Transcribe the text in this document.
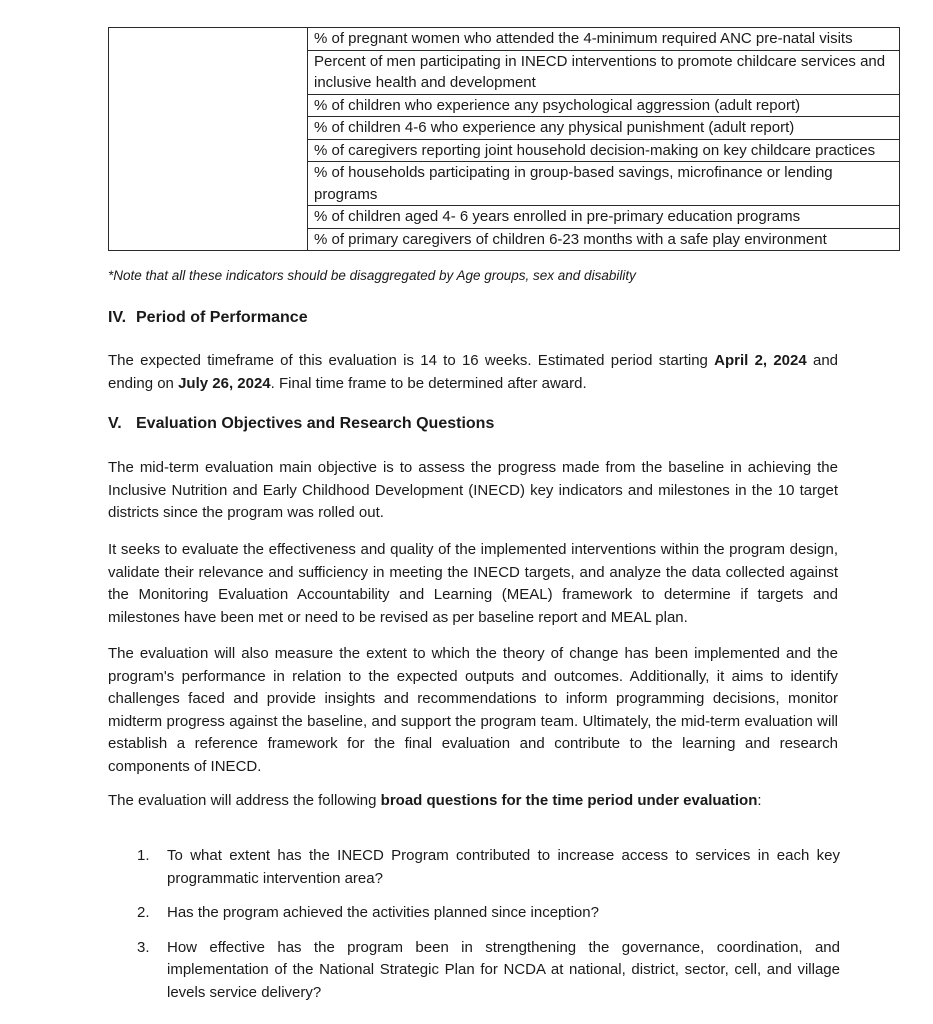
	% of pregnant women who attended the 4-minimum required ANC pre-natal visits
Percent of men participating in INECD interventions to promote childcare services and inclusive health and development
% of children who experience any psychological aggression (adult report)
% of children 4-6 who experience any physical punishment (adult report)
% of caregivers reporting joint household decision-making on key childcare practices
% of households participating in group-based savings, microfinance or lending programs
% of children aged 4- 6 years enrolled in pre-primary education programs
% of primary caregivers of children 6-23 months with a safe play environment
*Note that all these indicators should be disaggregated by Age groups, sex and disability
IV. Period of Performance
The expected timeframe of this evaluation is 14 to 16 weeks. Estimated period starting April 2, 2024 and ending on July 26, 2024. Final time frame to be determined after award.
V. Evaluation Objectives and Research Questions
The mid-term evaluation main objective is to assess the progress made from the baseline in achieving the Inclusive Nutrition and Early Childhood Development (INECD) key indicators and milestones in the 10 target districts since the program was rolled out.
It seeks to evaluate the effectiveness and quality of the implemented interventions within the program design, validate their relevance and sufficiency in meeting the INECD targets, and analyze the data collected against the Monitoring Evaluation Accountability and Learning (MEAL) framework to determine if targets and milestones have been met or need to be revised as per baseline report and MEAL plan.
The evaluation will also measure the extent to which the theory of change has been implemented and the program's performance in relation to the expected outputs and outcomes. Additionally, it aims to identify challenges faced and provide insights and recommendations to inform programming decisions, monitor midterm progress against the baseline, and support the program team. Ultimately, the mid-term evaluation will establish a reference framework for the final evaluation and contribute to the learning and research components of INECD.
The evaluation will address the following broad questions for the time period under evaluation:
1. To what extent has the INECD Program contributed to increase access to services in each key programmatic intervention area?
2. Has the program achieved the activities planned since inception?
3. How effective has the program been in strengthening the governance, coordination, and implementation of the National Strategic Plan for NCDA at national, district, sector, cell, and village levels service delivery?
